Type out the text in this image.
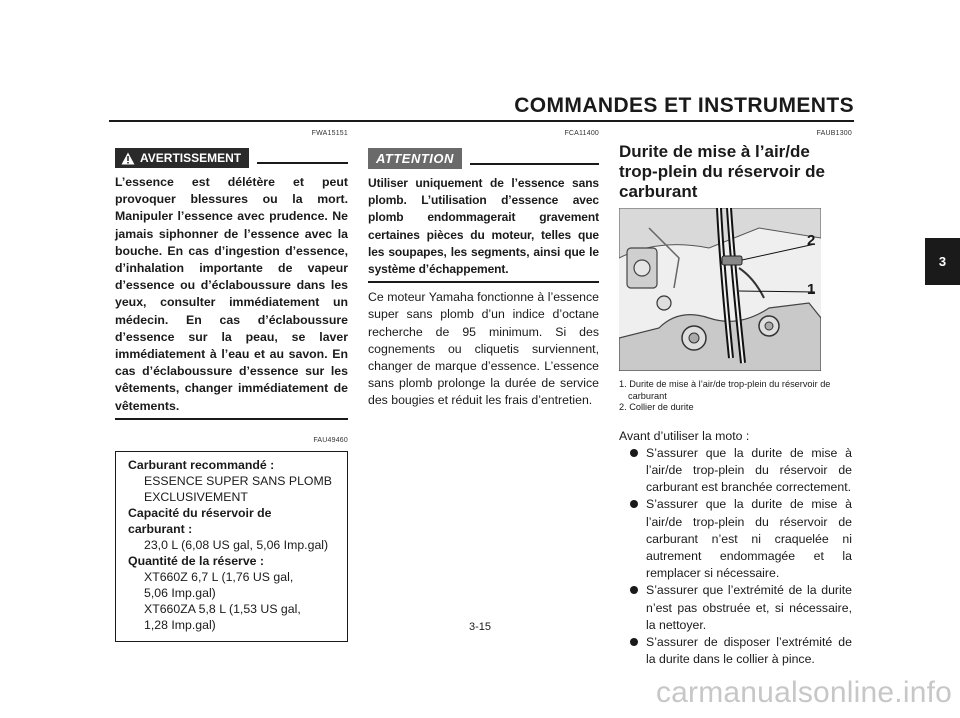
COMMANDES ET INSTRUMENTS
3
FWA15151
AVERTISSEMENT
L’essence est délétère et peut provoquer blessures ou la mort. Manipuler l’essence avec prudence. Ne jamais siphonner de l’essence avec la bouche. En cas d’ingestion d’essence, d’inhalation importante de vapeur d’essence ou d’éclaboussure dans les yeux, consulter immédiatement un médecin. En cas d’éclaboussure d’essence sur la peau, se laver immédiatement à l’eau et au savon. En cas d’éclaboussure d’essence sur les vêtements, changer immédiatement de vêtements.
FAU49460
Carburant recommandé :
ESSENCE SUPER SANS PLOMB
EXCLUSIVEMENT
Capacité du réservoir de
carburant :
23,0 L (6,08 US gal, 5,06 Imp.gal)
Quantité de la réserve :
XT660Z 6,7 L (1,76 US gal,
5,06 Imp.gal)
XT660ZA 5,8 L (1,53 US gal,
1,28 Imp.gal)
FCA11400
ATTENTION
Utiliser uniquement de l’essence sans plomb. L’utilisation d’essence avec plomb endommagerait gravement certaines pièces du moteur, telles que les soupapes, les segments, ainsi que le système d’échappement.
Ce moteur Yamaha fonctionne à l’essence super sans plomb d’un indice d’octane recherche de 95 minimum. Si des cognements ou cliquetis surviennent, changer de marque d’essence. L’essence sans plomb prolonge la durée de service des bougies et réduit les frais d’entretien.
FAUB1300
Durite de mise à l’air/de trop-plein du réservoir de carburant
2
1
1. Durite de mise à l’air/de trop-plein du réservoir de carburant
2. Collier de durite
Avant d’utiliser la moto :
S’assurer que la durite de mise à l’air/de trop-plein du réservoir de carburant est branchée correctement.
S’assurer que la durite de mise à l’air/de trop-plein du réservoir de carburant n’est ni craquelée ni autrement endommagée et la remplacer si nécessaire.
S’assurer que l’extrémité de la durite n’est pas obstruée et, si nécessaire, la nettoyer.
S’assurer de disposer l’extrémité de la durite dans le collier à pince.
3-15
carmanualsonline.info
